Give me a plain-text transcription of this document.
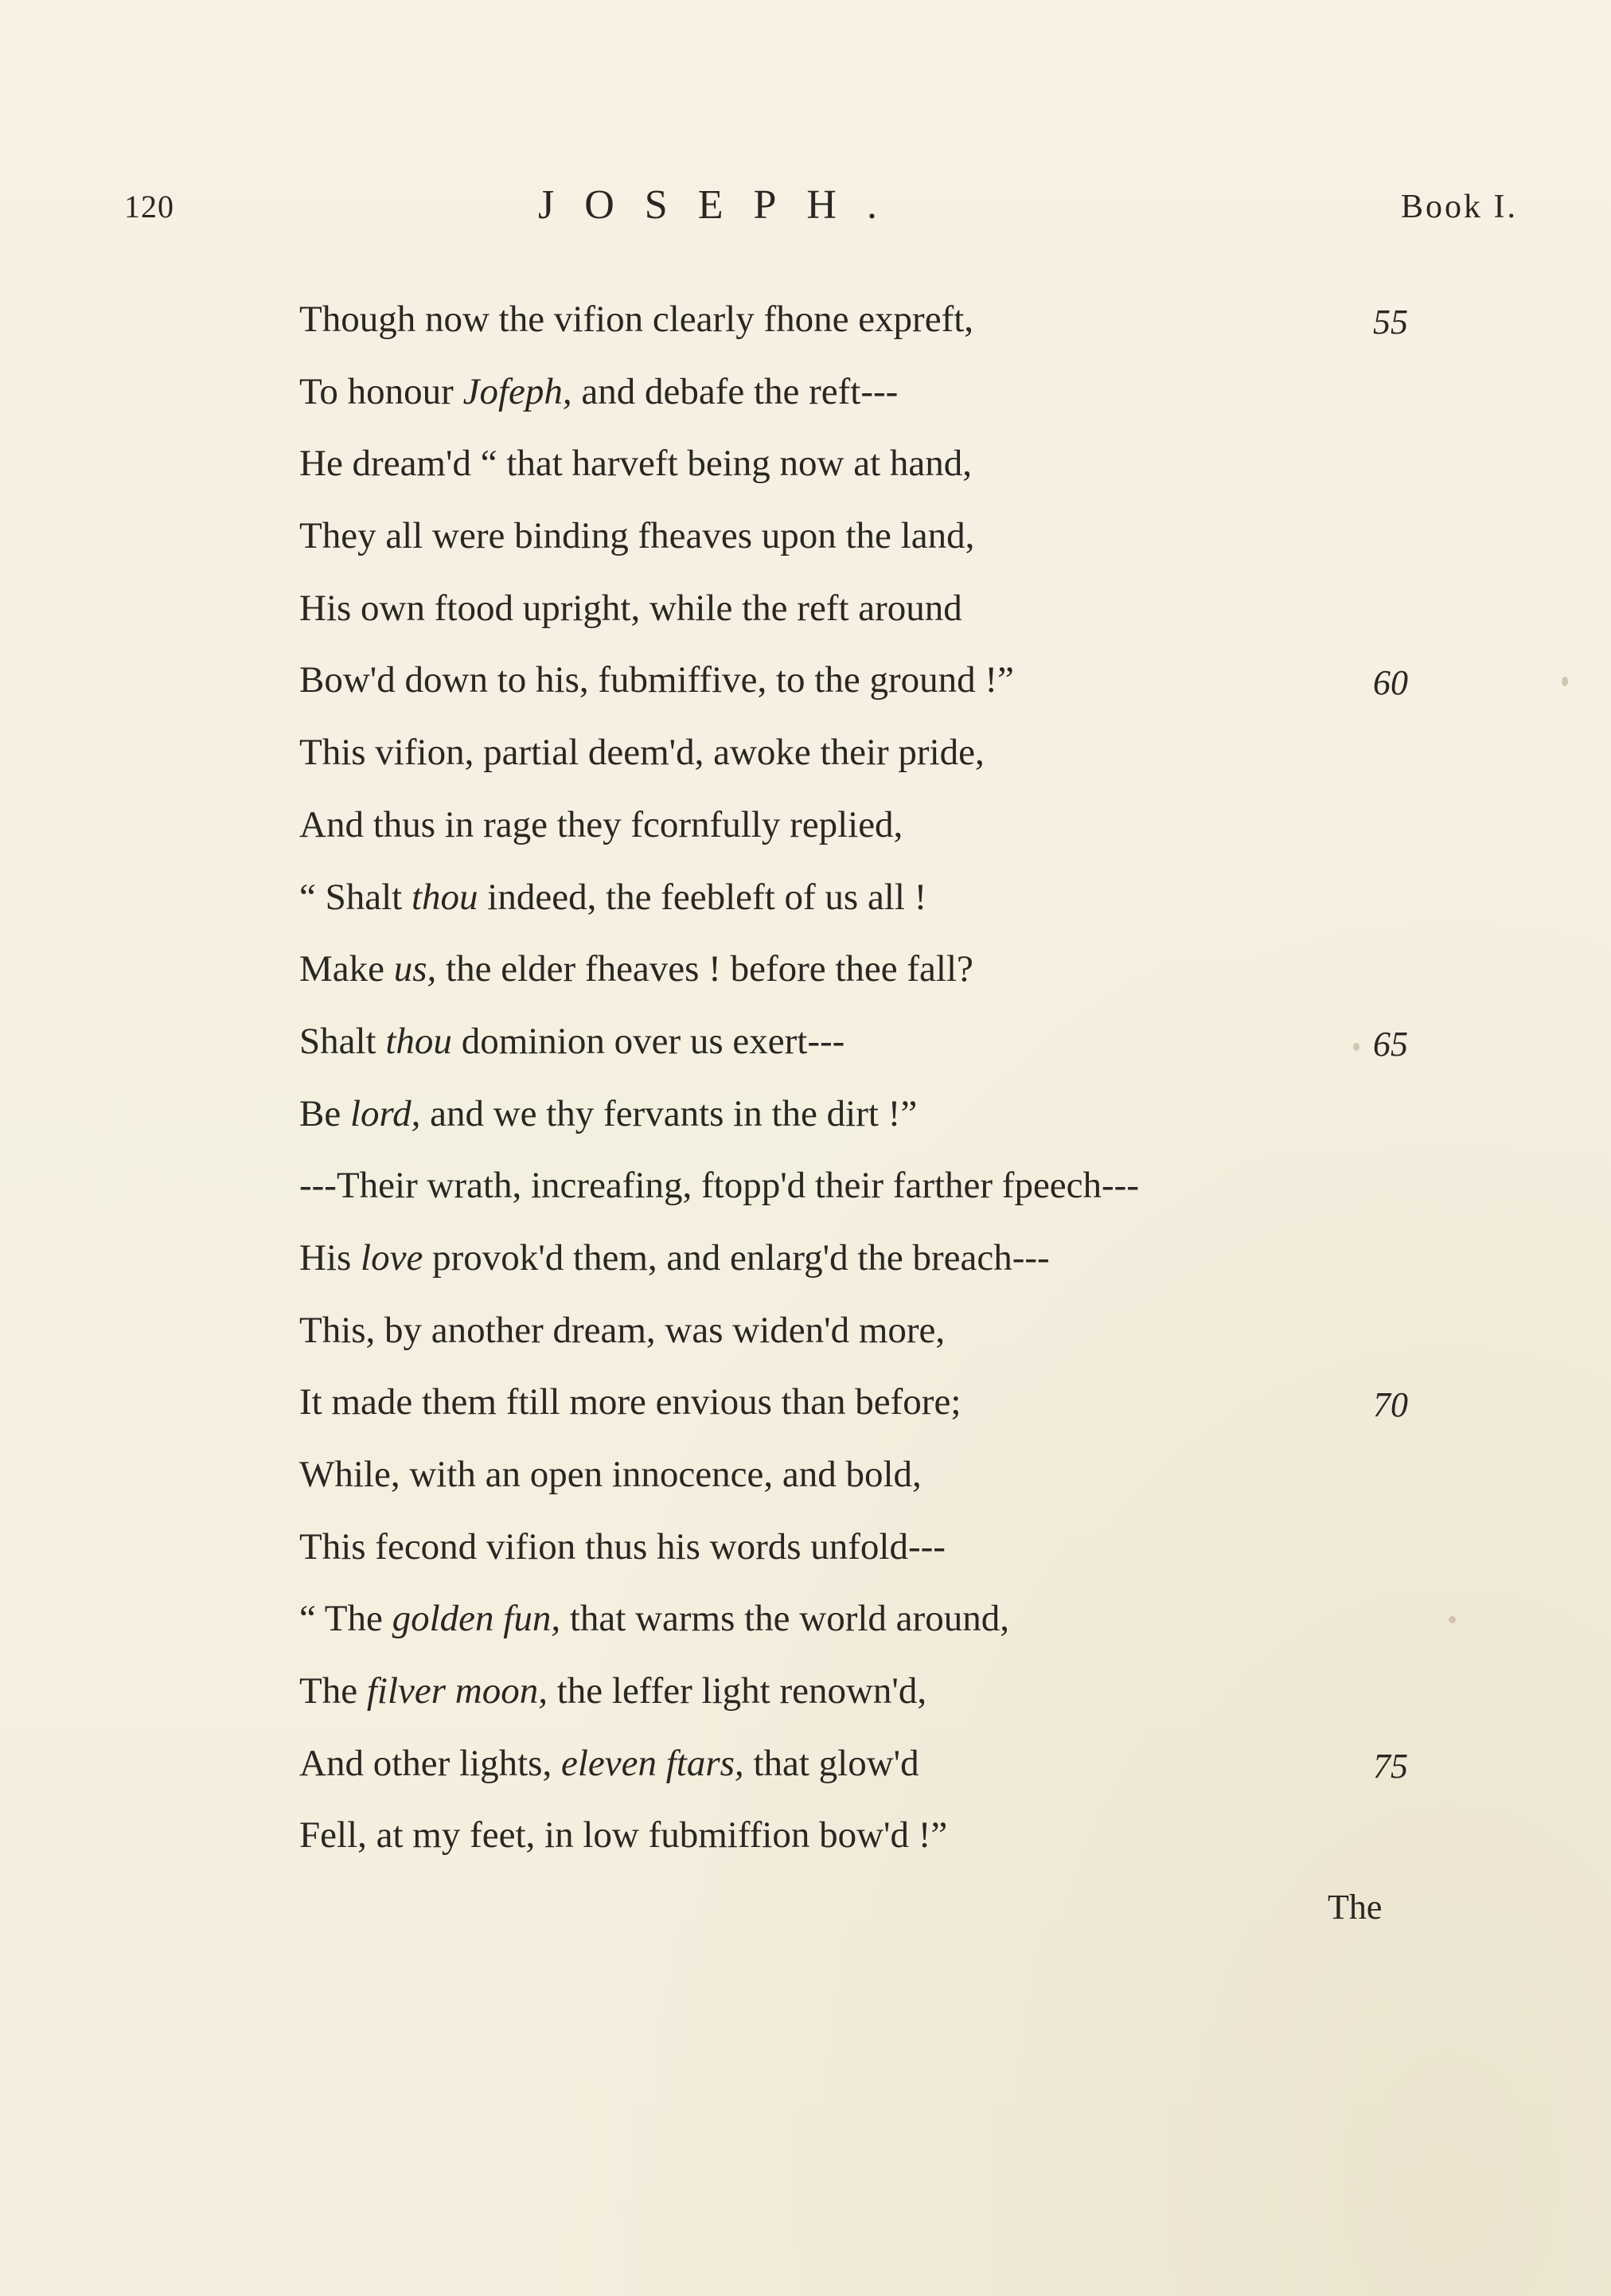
120	JOSEPH.	Book I.
Though now the vifion clearly fhone expreft,	55
To honour Jofeph, and debafe the reft---
He dream'd “ that harveft being now at hand,
They all were binding fheaves upon the land,
His own ftood upright, while the reft around
Bow'd down to his, fubmiffive, to the ground !”	60
This vifion, partial deem'd, awoke their pride,
And thus in rage they fcornfully replied,
“ Shalt thou indeed, the feebleft of us all !
Make us, the elder fheaves ! before thee fall?
Shalt thou dominion over us exert---	65
Be lord, and we thy fervants in the dirt !”
---Their wrath, increafing, ftopp'd their farther fpeech---
His love provok'd them, and enlarg'd the breach---
This, by another dream, was widen'd more,
It made them ftill more envious than before;	70
While, with an open innocence, and bold,
This fecond vifion thus his words unfold---
“ The golden fun, that warms the world around,
The filver moon, the leffer light renown'd,
And other lights, eleven ftars, that glow'd	75
Fell, at my feet, in low fubmiffion bow'd !”
The
